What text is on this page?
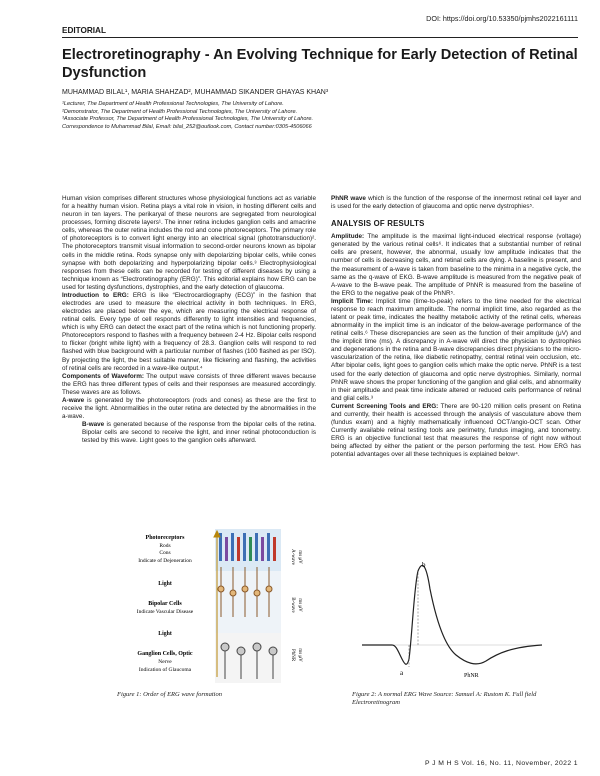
DOI: https://doi.org/10.53350/pjmhs2022161111
EDITORIAL
Electroretinography - An Evolving Technique for Early Detection of Retinal Dysfunction
MUHAMMAD BILAL¹, MARIA SHAHZAD², MUHAMMAD SIKANDER GHAYAS KHAN³
¹Lecturer, The Department of Health Professional Technologies, The University of Lahore.
²Demonstrator, The Department of Health Professional Technologies, The University of Lahore.
³Associate Professor, The Department of Health Professional Technologies, The University of Lahore.
Correspondence to Muhammad Bilal, Email: bilal_252@outlook.com, Contact number:0305-4506066

Human vision comprises different structures whose physiological functions act as variable for a healthy human vision. Retina plays a vital role in vision, in hosting different cells and neuron in ten layers. The perikaryal of these neurons are segregated from neurological processes, forming discrete layers¹. The inner retina includes ganglion cells and amacrine cells, whereas the outer retina includes the rod and cone photoreceptors. The primary role of photoreceptors is to convert light energy into an electrical signal (phototransduction)². The photoreceptors transmit visual information to second-order neurons known as bipolar cells in the middle retina. Rods synapse only with depolarizing bipolar cells, while cones synapse with both depolarizing and hyperpolarizing bipolar cells.³ Electrophysiological responses from these cells can be recorded for testing of different diseases by using a technique known as “Electroretinography (ERG)”. This editorial explains how ERG can be used for testing dysfunctions, dystrophies, and the early detection of glaucoma.

Introduction to ERG: ERG is like “Electrocardiography (ECG)” in the fashion that electrodes are used to measure the electrical activity in both techniques. In ERG, electrodes are placed below the eye, which are measuring the electrical response of retinal cells. Every type of cell responds differently to light intensities and frequencies, which is why ERG can detect the exact part of the retina which is not functioning properly. Photoreceptors respond to flashes with a frequency between 2-4 Hz. Bipolar cells respond to flicker (bright white light) with a frequency of 28.3. Ganglion cells will respond to red flashed with blue background with a particular number of flashes (100 flashed as per ISO). By projecting the light, the best suitable manner, like flickering and flashing, the activities of retinal cells are recorded in a wave-like output.⁴

Components of Waveform: The output wave consists of three different waves because the ERG has three different types of cells and their responses are measured accordingly. These waves are as follows.

A-wave is generated by the photoreceptors (rods and cones) as these are the first to receive the light. Abnormalities in the outer retina are detected by the abnormalities in the a-wave.

B-wave is generated because of the response from the bipolar cells of the retina. Bipolar cells are second to receive the light, and inner retinal photoconduction is tested by this wave. Light goes to the ganglion cells afterward.

PhNR wave which is the function of the response of the innermost retinal cell layer and is used for the early detection of glaucoma and optic nerve dystrophies⁵.

ANALYSIS OF RESULTS

Amplitude: The amplitude is the maximal light-induced electrical response (voltage) generated by the various retinal cells⁶. It indicates that a substantial number of retinal cells are present, however, the abnormal, usually low amplitude indicates that the number of cells is decreasing cells, and retinal cells are dying. A baseline is present, and the measurement of a-wave is taken from baseline to the minima in a negative cycle, the same as the q-wave of EKG. B-wave amplitude is measured from the negative peak of A-wave to the B-wave peak. The amplitude of PhNR is measured from the baseline of the ERG to the negative peak of the PhNR⁵.

Implicit Time: Implicit time (time-to-peak) refers to the time needed for the electrical response to reach maximum amplitude. The normal implicit time, also regarded as the latent or peak time, indicates the healthy metabolic activity of the retinal cells, whereas abnormality in the implicit time is an indicator of the below-average performance of the retinal cells.⁶ These discrepancies are seen as the function of their amplitude (μV) and the implicit time (ms). A discrepancy in A-wave will direct the physician to dystrophies and degenerations in the retina and B-wave discrepancies direct physicians to the micro-vascularization of the retina, like diabetic retinopathy, central retinal vein occlusion, etc. After bipolar cells, light goes to ganglion cells which make the optic nerve. PhNR is a test used for the early detection of glaucoma and optic nerve dystrophies. Similarly, normal PhNR wave shows the proper functioning of the ganglion and glial cells, and abnormality in their amplitude and peak time indicate altered or reduced cells performance of retinal and glial cells.³

Current Screening Tools and ERG: There are 90-120 million cells present on Retina and currently, their health is accessed through the analysis of vasculature above them (fundus exam) and a highly mathematically influenced OCT/angio-OCT scan. Other Currently available retinal testing tools are perimetry, fundus imaging, and tonometry. ERG is an objective functional test that measures the response of right now without being affected by either the patient or the person performing the test. How ERG has potential advantages over all these techniques is explained below⁴.

Photoreceptors
Rods
Cons
Indicate of Dejeneration
Light
Bipolar Cells
Indicate Vascular Disease
Light
Ganglion Cells, Optic
Nerve
Indication of Glaucoma
A-wave ms μV
B-wave ms μV
PhNR ms μV
b
a	PhNR
Figure 1: Order of ERG wave formation	Figure 2: A normal ERG Wave Source: Samuel A: Rustom K. Full field Electroretinogram
P J M H S Vol. 16, No. 11, November, 2022 1
